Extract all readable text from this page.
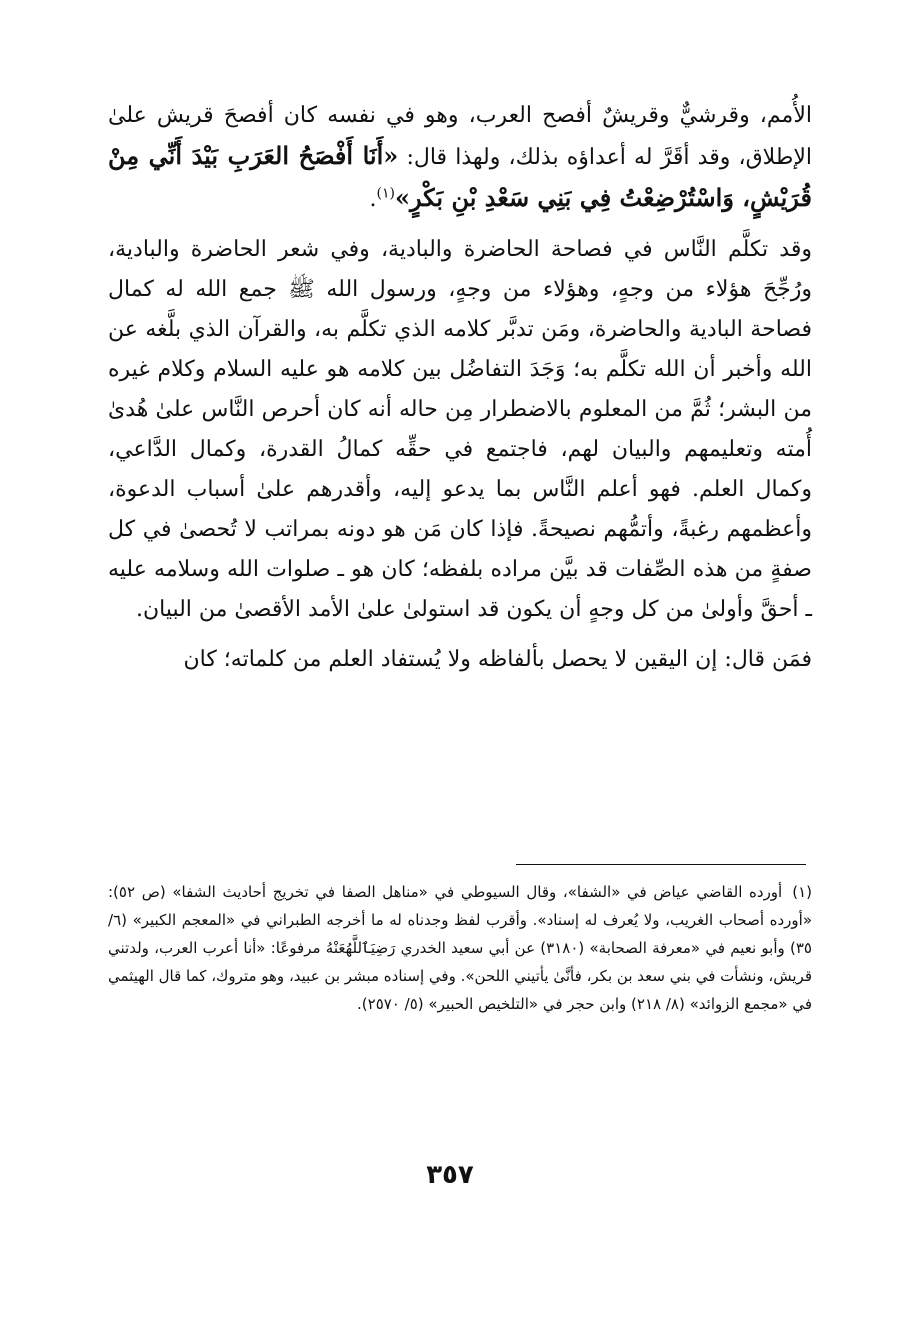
الأُمم، وقرشيٌّ وقريشٌ أفصح العرب، وهو في نفسه كان أفصحَ قريش علىٰ الإطلاق، وقد أقَرَّ له أعداؤه بذلك، ولهذا قال: «أَنَا أَفْصَحُ العَرَبِ بَيْدَ أَنِّي مِنْ قُرَيْشٍ، وَاسْتُرْضِعْتُ فِي بَنِي سَعْدِ بْنِ بَكْرٍ»$^{(١)}$.

وقد تكلَّم النَّاس في فصاحة الحاضرة والبادية، وفي شعر الحاضرة والبادية، ورُجِّحَ هؤلاء من وجهٍ، وهؤلاء من وجهٍ، ورسول الله ﷺ جمع الله له كمال فصاحة البادية والحاضرة، ومَن تدبَّر كلامه الذي تكلَّم به، والقرآن الذي بلَّغه عن الله وأخبر أن الله تكلَّم به؛ وَجَدَ التفاضُل بين كلامه هو عليه السلام وكلام غيره من البشر؛ ثُمَّ من المعلوم بالاضطرار مِن حاله أنه كان أحرص النَّاس علىٰ هُدىٰ أُمته وتعليمهم والبيان لهم، فاجتمع في حقِّه كمالُ القدرة، وكمال الدَّاعي، وكمال العلم. فهو أعلم النَّاس بما يدعو إليه، وأقدرهم علىٰ أسباب الدعوة، وأعظمهم رغبةً، وأتمُّهم نصيحةً. فإذا كان مَن هو دونه بمراتب لا تُحصىٰ في كل صفةٍ من هذه الصِّفات قد بيَّن مراده بلفظه؛ كان هو ـ صلوات الله وسلامه عليه ـ أحقَّ وأولىٰ من كل وجهٍ أن يكون قد استولىٰ علىٰ الأمد الأقصىٰ من البيان.

فمَن قال: إن اليقين لا يحصل بألفاظه ولا يُستفاد العلم من كلماته؛ كان

(١)أورده القاضي عياض في «الشفا»، وقال السيوطي في «مناهل الصفا في تخريج أحاديث الشفا» (ص ٥٢): «أورده أصحاب الغريب، ولا يُعرف له إسناد». وأقرب لفظ وجدناه له ما أخرجه الطبراني في «المعجم الكبير» (٦/ ٣٥) وأبو نعيم في «معرفة الصحابة» (٣١٨٠) عن أبي سعيد الخدري رَضِيَٱللَّهُعَنْهُ مرفوعًا: «أنا أعرب العرب، ولدتني قريش، ونشأت في بني سعد بن بكر، فأنَّىٰ يأتيني اللحن». وفي إسناده مبشر بن عبيد، وهو متروك، كما قال الهيثمي في «مجمع الزوائد» (٨/ ٢١٨) وابن حجر في «التلخيص الحبير» (٥/ ٢٥٧٠).
٣٥٧
